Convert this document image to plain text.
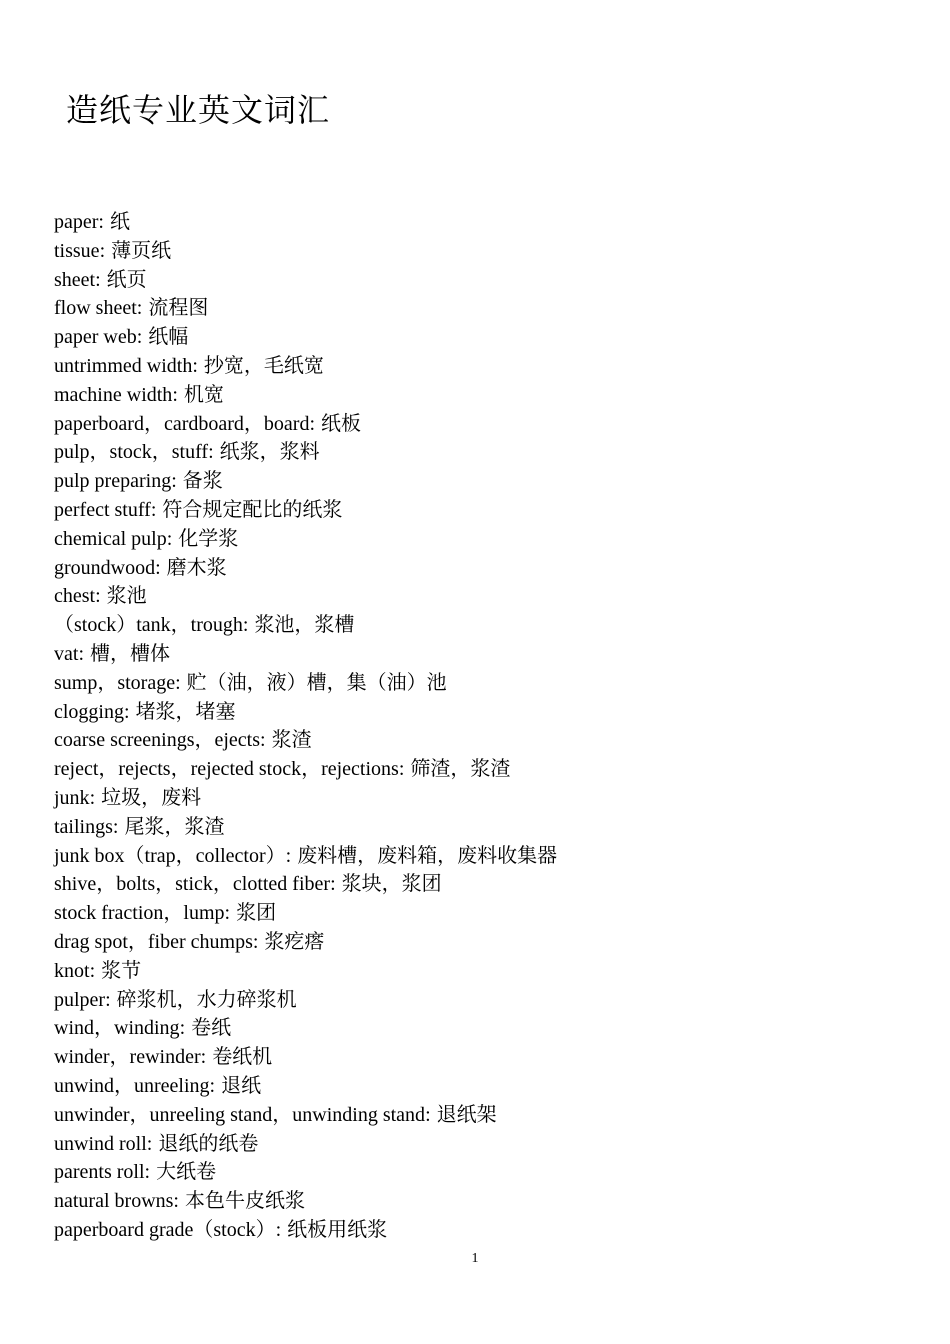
造纸专业英文词汇
paper: 纸
tissue: 薄页纸
sheet: 纸页
flow sheet: 流程图
paper web: 纸幅
untrimmed width: 抄宽，毛纸宽
machine width: 机宽
paperboard，cardboard，board: 纸板
pulp，stock，stuff: 纸浆，浆料
pulp preparing: 备浆
perfect stuff: 符合规定配比的纸浆
chemical pulp: 化学浆
groundwood: 磨木浆
chest: 浆池
（stock）tank，trough: 浆池，浆槽
vat: 槽，槽体
sump，storage: 贮（油，液）槽，集（油）池
clogging: 堵浆，堵塞
coarse screenings，ejects: 浆渣
reject，rejects，rejected stock，rejections: 筛渣，浆渣
junk: 垃圾，废料
tailings: 尾浆，浆渣
junk box（trap，collector）: 废料槽，废料箱，废料收集器
shive，bolts，stick，clotted fiber: 浆块，浆团
stock fraction，lump: 浆团
drag spot，fiber chumps: 浆疙瘩
knot: 浆节
pulper: 碎浆机，水力碎浆机
wind，winding: 卷纸
winder，rewinder: 卷纸机
unwind，unreeling: 退纸
unwinder，unreeling stand，unwinding stand: 退纸架
unwind roll: 退纸的纸卷
parents roll: 大纸卷
natural browns: 本色牛皮纸浆
paperboard grade（stock）: 纸板用纸浆
1
